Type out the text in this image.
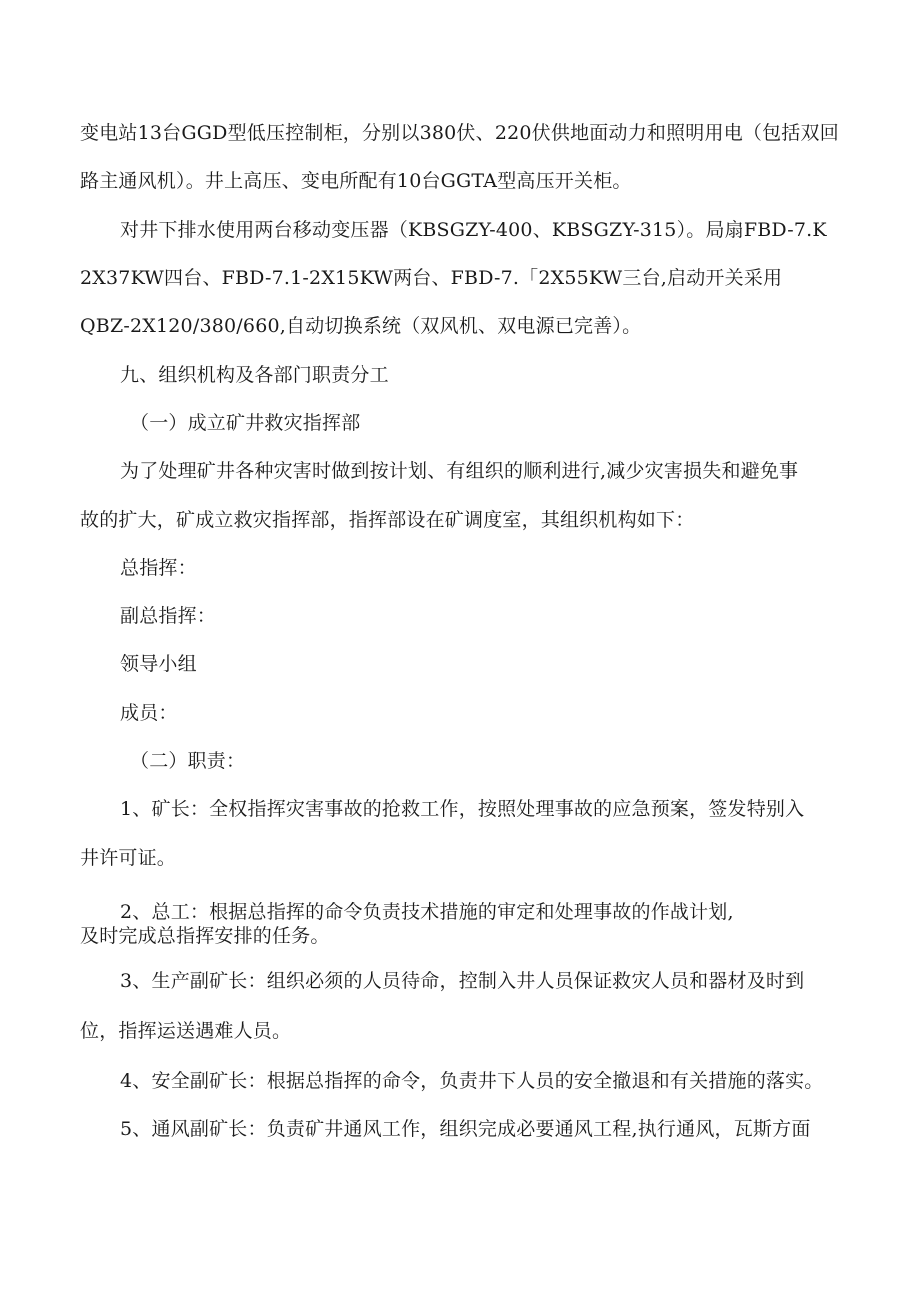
变电站13台GGD型低压控制柜，分别以380伏、220伏供地面动力和照明用电（包括双回
路主通风机）。井上高压、变电所配有10台GGTA型高压开关柜。
对井下排水使用两台移动变压器（KBSGZY-400、KBSGZY-315）。局扇FBD-7.K
2X37KW四台、FBD-7.1-2X15KW两台、FBD-7.「2X55KW三台,启动开关采用
QBZ-2X120/380/660,自动切换系统（双风机、双电源已完善）。
九、组织机构及各部门职责分工
（一）成立矿井救灾指挥部
为了处理矿井各种灾害时做到按计划、有组织的顺利进行,减少灾害损失和避免事
故的扩大，矿成立救灾指挥部，指挥部设在矿调度室，其组织机构如下：
总指挥：
副总指挥：
领导小组
成员：
（二）职责：
1、矿长：全权指挥灾害事故的抢救工作，按照处理事故的应急预案，签发特别入
井许可证。
2、总工：根据总指挥的命令负责技术措施的审定和处理事故的作战计划,
及时完成总指挥安排的任务。
3、生产副矿长：组织必须的人员待命，控制入井人员保证救灾人员和器材及时到
位，指挥运送遇难人员。
4、安全副矿长：根据总指挥的命令，负责井下人员的安全撤退和有关措施的落实。
5、通风副矿长：负责矿井通风工作，组织完成必要通风工程,执行通风，瓦斯方面
